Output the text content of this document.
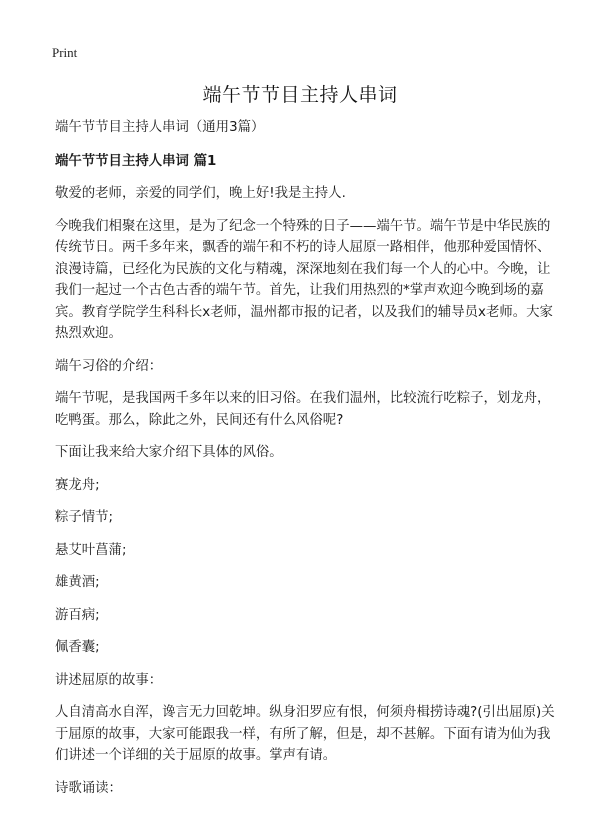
Print
端午节节目主持人串词

端午节节目主持人串词（通用3篇）

端午节节目主持人串词 篇1

敬爱的老师，亲爱的同学们，晚上好!我是主持人.

今晚我们相聚在这里，是为了纪念一个特殊的日子——端午节。端午节是中华民族的传统节日。两千多年来，飘香的端午和不朽的诗人屈原一路相伴，他那种爱国情怀、浪漫诗篇，已经化为民族的文化与精魂，深深地刻在我们每一个人的心中。今晚，让我们一起过一个古色古香的端午节。首先，让我们用热烈的*掌声欢迎今晚到场的嘉宾。教育学院学生科科长x老师，温州都市报的记者，以及我们的辅导员x老师。大家热烈欢迎。

端午习俗的介绍：

端午节呢，是我国两千多年以来的旧习俗。在我们温州，比较流行吃粽子，划龙舟，吃鸭蛋。那么，除此之外，民间还有什么风俗呢?

下面让我来给大家介绍下具体的风俗。

赛龙舟;

粽子情节;

悬艾叶菖蒲;

雄黄酒;

游百病;

佩香囊;

讲述屈原的故事：

人自清高水自浑，谗言无力回乾坤。纵身汨罗应有恨，何须舟楫捞诗魂?(引出屈原)关于屈原的故事，大家可能跟我一样，有所了解，但是，却不甚解。下面有请为仙为我们讲述一个详细的关于屈原的故事。掌声有请。

诗歌诵读：
